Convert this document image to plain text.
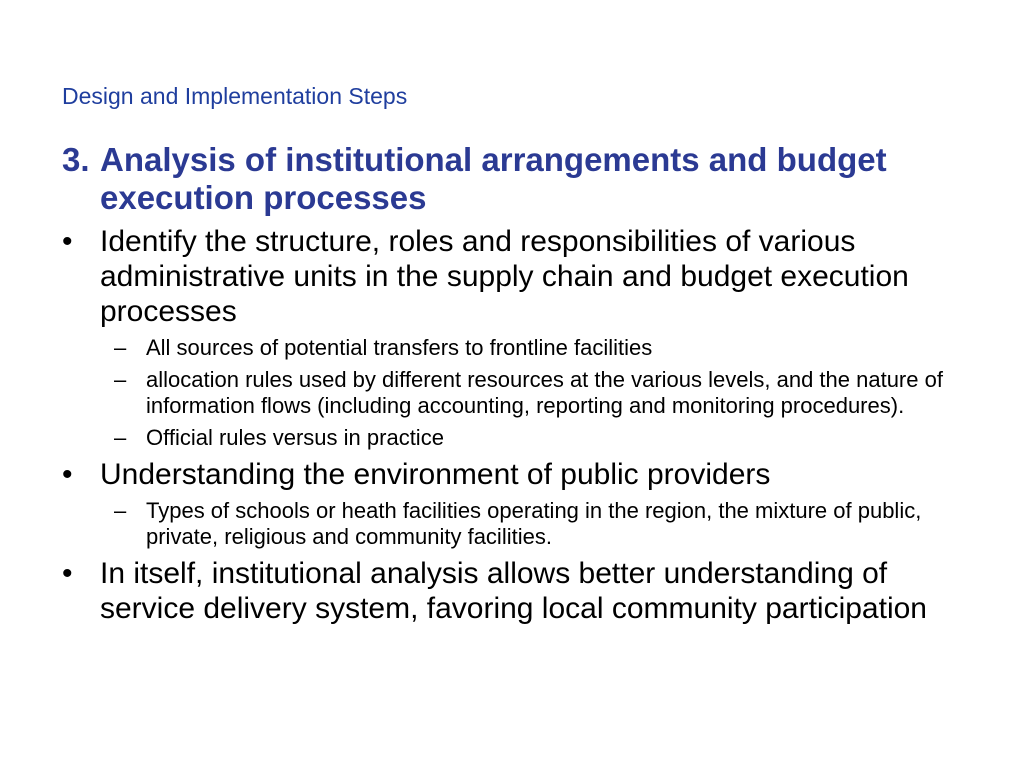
Design and Implementation Steps
3. Analysis of institutional arrangements and budget execution processes
• Identify the structure, roles and responsibilities of various administrative units in the supply chain and budget execution processes
– All sources of potential transfers to frontline facilities
– allocation rules used by different resources at the various levels, and the nature of information flows (including accounting, reporting and monitoring procedures).
– Official rules versus in practice
• Understanding the environment of public providers
– Types of schools or heath facilities operating in the region, the mixture of public, private, religious and community facilities.
• In itself, institutional analysis allows better understanding of service delivery system, favoring local community participation
